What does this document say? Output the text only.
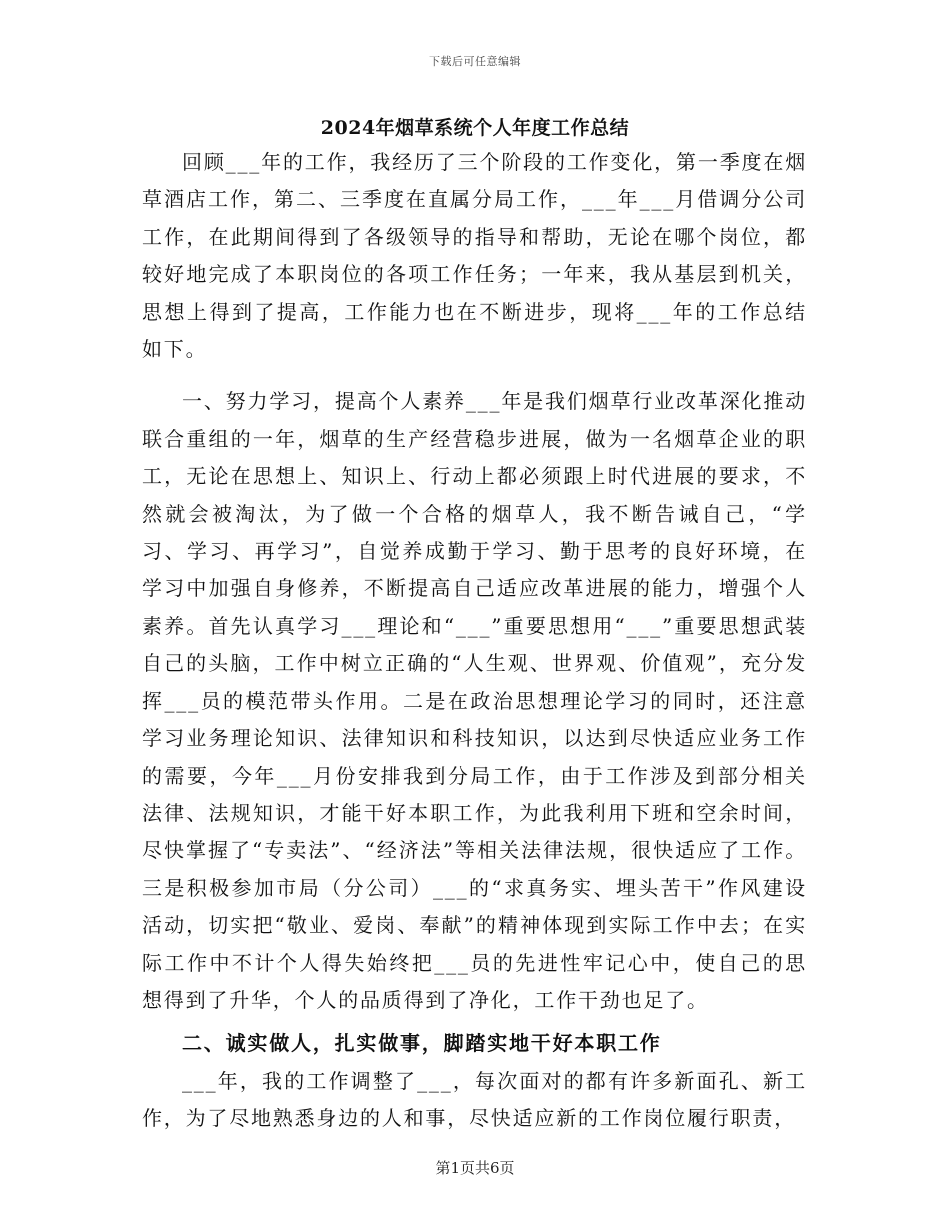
下载后可任意编辑
2024年烟草系统个人年度工作总结

回顾___年的工作，我经历了三个阶段的工作变化，第一季度在烟草酒店工作，第二、三季度在直属分局工作，___年___月借调分公司工作，在此期间得到了各级领导的指导和帮助，无论在哪个岗位，都较好地完成了本职岗位的各项工作任务；一年来，我从基层到机关，思想上得到了提高，工作能力也在不断进步，现将___年的工作总结如下。

一、努力学习，提高个人素养___年是我们烟草行业改革深化推动联合重组的一年，烟草的生产经营稳步进展，做为一名烟草企业的职工，无论在思想上、知识上、行动上都必须跟上时代进展的要求，不然就会被淘汰，为了做一个合格的烟草人，我不断告诫自己，“学习、学习、再学习”，自觉养成勤于学习、勤于思考的良好环境，在学习中加强自身修养，不断提高自己适应改革进展的能力，增强个人素养。首先认真学习___理论和“___”重要思想用“___”重要思想武装自己的头脑，工作中树立正确的“人生观、世界观、价值观”，充分发挥___员的模范带头作用。二是在政治思想理论学习的同时，还注意学习业务理论知识、法律知识和科技知识，以达到尽快适应业务工作的需要，今年___月份安排我到分局工作，由于工作涉及到部分相关法律、法规知识，才能干好本职工作，为此我利用下班和空余时间，尽快掌握了“专卖法”、“经济法”等相关法律法规，很快适应了工作。三是积极参加市局（分公司）___的“求真务实、埋头苦干”作风建设活动，切实把“敬业、爱岗、奉献”的精神体现到实际工作中去；在实际工作中不计个人得失始终把___员的先进性牢记心中，使自己的思想得到了升华，个人的品质得到了净化，工作干劲也足了。

二、诚实做人，扎实做事，脚踏实地干好本职工作

___年，我的工作调整了___，每次面对的都有许多新面孔、新工作，为了尽地熟悉身边的人和事，尽快适应新的工作岗位履行职责，

第1页共6页
